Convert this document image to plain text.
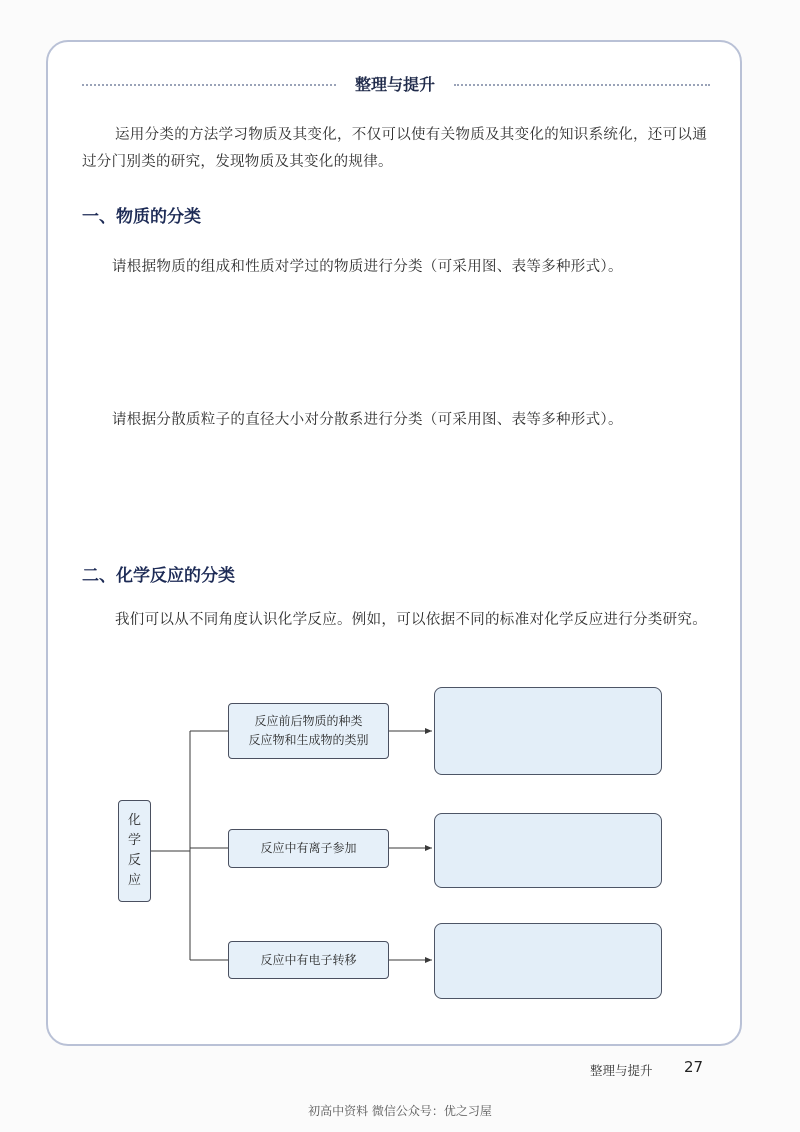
整理与提升

运用分类的方法学习物质及其变化，不仅可以使有关物质及其变化的知识系统化，还可以通过分门别类的研究，发现物质及其变化的规律。

一、物质的分类

请根据物质的组成和性质对学过的物质进行分类（可采用图、表等多种形式）。

请根据分散质粒子的直径大小对分散系进行分类（可采用图、表等多种形式）。

二、化学反应的分类

我们可以从不同角度认识化学反应。例如，可以依据不同的标准对化学反应进行分类研究。

化
学
反
应
反应前后物质的种类
反应物和生成物的类别
反应中有离子参加
反应中有电子转移
整理与提升 27
初高中资料 微信公众号：优之习屋
